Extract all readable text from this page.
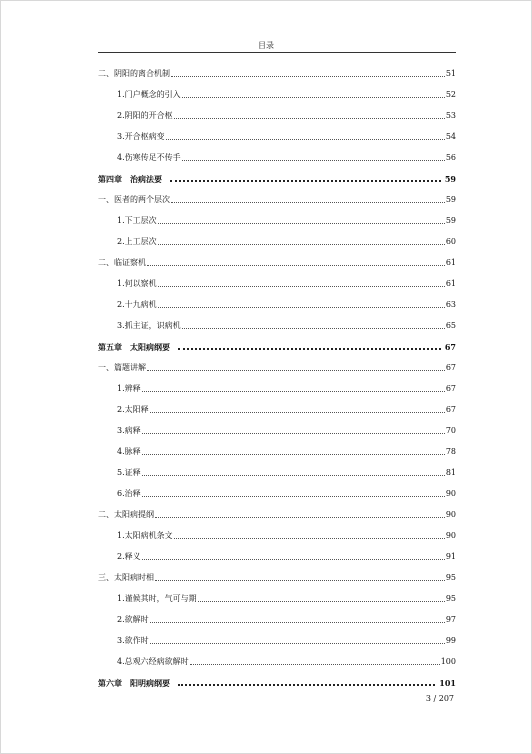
目录
二、阴阳的离合机制	51
1.门户概念的引入	52
2.阴阳的开合枢	53
3.开合枢病变	54
4.伤寒传足不传手	56
第四章　治病法要	59
一、医者的两个层次	59
1.下工层次	59
2.上工层次	60
二、临证察机	61
1.何以察机	61
2.十九病机	63
3.抓主证，识病机	65
第五章　太阳病纲要	67
一、篇题讲解	67
1.辨释	67
2.太阳释	67
3.病释	70
4.脉释	78
5.证释	81
6.治释	90
二、太阳病提纲	90
1.太阳病机条文	90
2.释义	91
三、太阳病时相	95
1.谨候其时，气可与期	95
2.欲解时	97
3.欲作时	99
4.总观六经病欲解时	100
第六章　阳明病纲要	101
3 / 207
